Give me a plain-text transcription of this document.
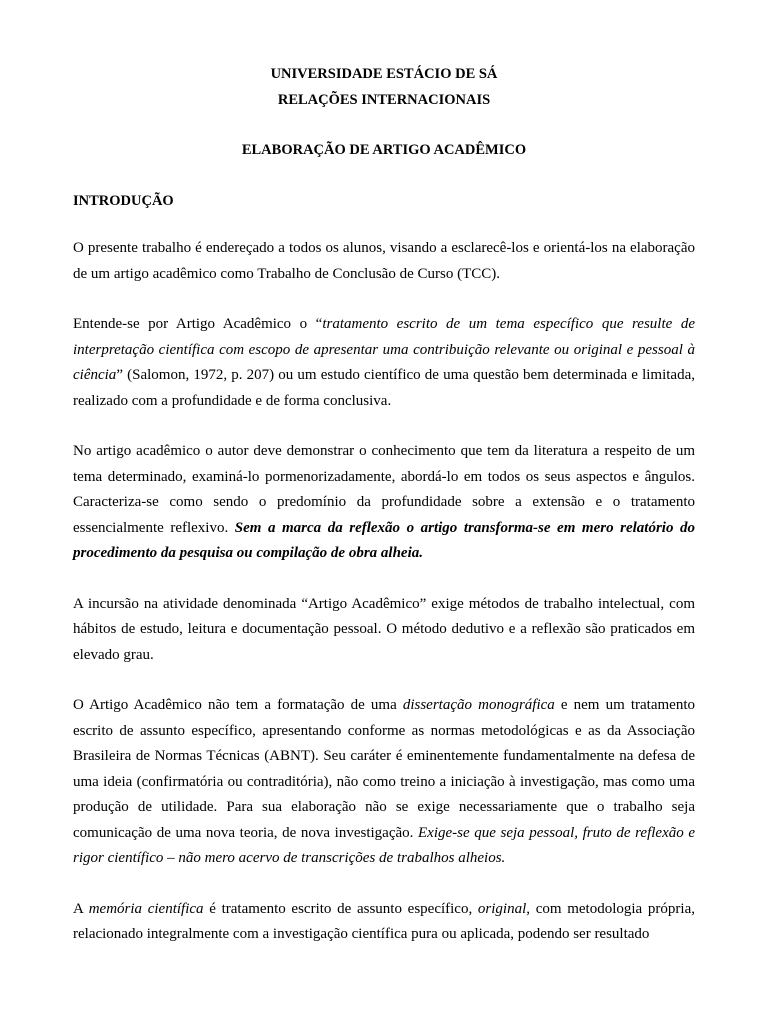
UNIVERSIDADE ESTÁCIO DE SÁ

RELAÇÕES INTERNACIONAIS

ELABORAÇÃO DE ARTIGO ACADÊMICO

INTRODUÇÃO

O presente trabalho é endereçado a todos os alunos, visando a esclarecê-los e orientá-los na elaboração de um artigo acadêmico como Trabalho de Conclusão de Curso (TCC).

Entende-se por Artigo Acadêmico o “tratamento escrito de um tema específico que resulte de interpretação científica com escopo de apresentar uma contribuição relevante ou original e pessoal à ciência” (Salomon, 1972, p. 207) ou um estudo científico de uma questão bem determinada e limitada, realizado com a profundidade e de forma conclusiva.

No artigo acadêmico o autor deve demonstrar o conhecimento que tem da literatura a respeito de um tema determinado, examiná-lo pormenorizadamente, abordá-lo em todos os seus aspectos e ângulos. Caracteriza-se como sendo o predomínio da profundidade sobre a extensão e o tratamento essencialmente reflexivo. Sem a marca da reflexão o artigo transforma-se em mero relatório do procedimento da pesquisa ou compilação de obra alheia.

A incursão na atividade denominada “Artigo Acadêmico” exige métodos de trabalho intelectual, com hábitos de estudo, leitura e documentação pessoal. O método dedutivo e a reflexão são praticados em elevado grau.

O Artigo Acadêmico não tem a formatação de uma dissertação monográfica e nem um tratamento escrito de assunto específico, apresentando conforme as normas metodológicas e as da Associação Brasileira de Normas Técnicas (ABNT). Seu caráter é eminentemente fundamentalmente na defesa de uma ideia (confirmatória ou contraditória), não como treino a iniciação à investigação, mas como uma produção de utilidade. Para sua elaboração não se exige necessariamente que o trabalho seja comunicação de uma nova teoria, de nova investigação. Exige-se que seja pessoal, fruto de reflexão e rigor científico – não mero acervo de transcrições de trabalhos alheios.

A memória científica é tratamento escrito de assunto específico, original, com metodologia própria, relacionado integralmente com a investigação científica pura ou aplicada, podendo ser resultado
